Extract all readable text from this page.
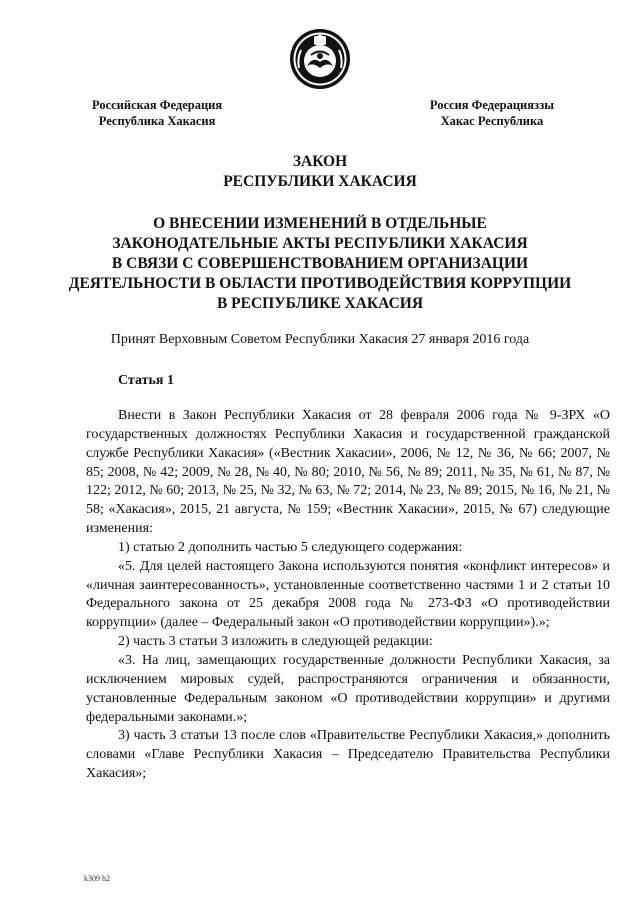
Российская Федерация
Республика Хакасия
Россия Федерацияззы
Хакас Республика
ЗАКОН
РЕСПУБЛИКИ ХАКАСИЯ
О ВНЕСЕНИИ ИЗМЕНЕНИЙ В ОТДЕЛЬНЫЕ
ЗАКОНОДАТЕЛЬНЫЕ АКТЫ РЕСПУБЛИКИ ХАКАСИЯ
В СВЯЗИ С СОВЕРШЕНСТВОВАНИЕМ ОРГАНИЗАЦИИ
ДЕЯТЕЛЬНОСТИ В ОБЛАСТИ ПРОТИВОДЕЙСТВИЯ КОРРУПЦИИ
В РЕСПУБЛИКЕ ХАКАСИЯ
Принят Верховным Советом Республики Хакасия 27 января 2016 года
Статья 1

Внести в Закон Республики Хакасия от 28 февраля 2006 года № 9-ЗРХ «О государственных должностях Республики Хакасия и государственной гражданской службе Республики Хакасия» («Вестник Хакасии», 2006, № 12, № 36, № 66; 2007, № 85; 2008, № 42; 2009, № 28, № 40, № 80; 2010, № 56, № 89; 2011, № 35, № 61, № 87, № 122; 2012, № 60; 2013, № 25, № 32, № 63, № 72; 2014, № 23, № 89; 2015, № 16, № 21, № 58; «Хакасия», 2015, 21 августа, № 159; «Вестник Хакасии», 2015, № 67) следующие изменения:

1) статью 2 дополнить частью 5 следующего содержания:

«5. Для целей настоящего Закона используются понятия «конфликт интересов» и «личная заинтересованность», установленные соответственно частями 1 и 2 статьи 10 Федерального закона от 25 декабря 2008 года № 273-ФЗ «О противодействии коррупции» (далее – Федеральный закон «О противодействии коррупции»).»;

2) часть 3 статьи 3 изложить в следующей редакции:

«3. На лиц, замещающих государственные должности Республики Хакасия, за исключением мировых судей, распространяются ограничения и обязанности, установленные Федеральным законом «О противодействии коррупции» и другими федеральными законами.»;

3) часть 3 статьи 13 после слов «Правительстве Республики Хакасия,» дополнить словами «Главе Республики Хакасия – Председателю Правительства Республики Хакасия»;

k309 h2
